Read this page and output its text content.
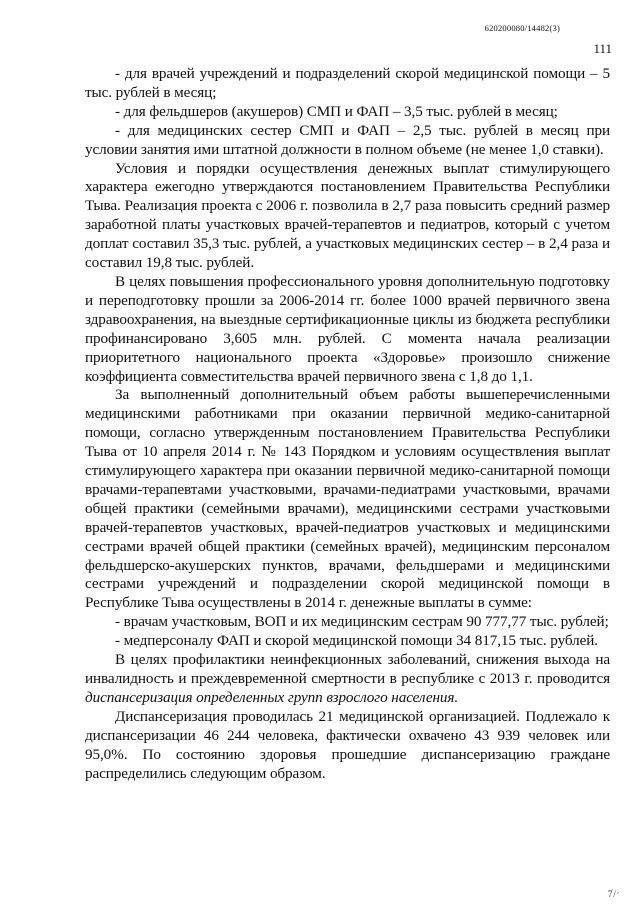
620200080/14482(3)
111

- для врачей учреждений и подразделений скорой медицинской помощи – 5 тыс. рублей в месяц;

- для фельдшеров (акушеров) СМП и ФАП – 3,5 тыс. рублей в месяц;

- для медицинских сестер СМП и ФАП – 2,5 тыс. рублей в месяц при условии занятия ими штатной должности в полном объеме (не менее 1,0 ставки).

Условия и порядки осуществления денежных выплат стимулирующего характера ежегодно утверждаются постановлением Правительства Республики Тыва. Реализация проекта с 2006 г. позволила в 2,7 раза повысить средний размер заработной платы участковых врачей-терапевтов и педиатров, который с учетом доплат составил 35,3 тыс. рублей, а участковых медицинских сестер – в 2,4 раза и составил 19,8 тыс. рублей.

В целях повышения профессионального уровня дополнительную подготовку и переподготовку прошли за 2006-2014 гг. более 1000 врачей первичного звена здравоохранения, на выездные сертификационные циклы из бюджета республики профинансировано 3,605 млн. рублей. С момента начала реализации приоритетного национального проекта «Здоровье» произошло снижение коэффициента совместительства врачей первичного звена с 1,8 до 1,1.

За выполненный дополнительный объем работы вышеперечисленными медицинскими работниками при оказании первичной медико-санитарной помощи, согласно утвержденным постановлением Правительства Республики Тыва от 10 апреля 2014 г. № 143 Порядком и условиям осуществления выплат стимулирующего характера при оказании первичной медико-санитарной помощи врачами-терапевтами участковыми, врачами-педиатрами участковыми, врачами общей практики (семейными врачами), медицинскими сестрами участковыми врачей-терапевтов участковых, врачей-педиатров участковых и медицинскими сестрами врачей общей практики (семейных врачей), медицинским персоналом фельдшерско-акушерских пунктов, врачами, фельдшерами и медицинскими сестрами учреждений и подразделении скорой медицинской помощи в Республике Тыва осуществлены в 2014 г. денежные выплаты в сумме:

- врачам участковым, ВОП и их медицинским сестрам 90 777,77 тыс. рублей;

- медперсоналу ФАП и скорой медицинской помощи 34 817,15 тыс. рублей.

В целях профилактики неинфекционных заболеваний, снижения выхода на инвалидность и преждевременной смертности в республике с 2013 г. проводится диспансеризация определенных групп взрослого населения.

Диспансеризация проводилась 21 медицинской организацией. Подлежало к диспансеризации 46 244 человека, фактически охвачено 43 939 человек или 95,0%. По состоянию здоровья прошедшие диспансеризацию граждане распределились следующим образом.

׳/7ׄ
